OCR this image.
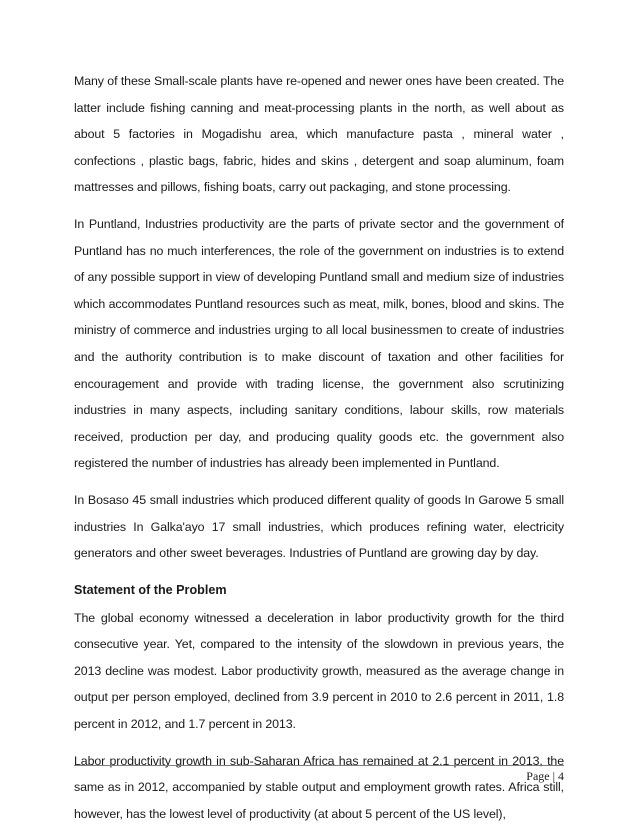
Many of these Small-scale plants have re-opened and newer ones have been created. The latter include fishing canning and meat-processing plants in the north, as well about as about 5 factories in Mogadishu area, which manufacture pasta , mineral water , confections , plastic bags, fabric, hides and skins , detergent and soap aluminum, foam mattresses and pillows, fishing boats, carry out packaging, and stone processing.

In Puntland, Industries productivity are the parts of private sector and the government of Puntland has no much interferences, the role of the government on industries is to extend of any possible support in view of developing Puntland small and medium size of industries which accommodates Puntland resources such as meat, milk, bones, blood and skins. The ministry of commerce and industries urging to all local businessmen to create of industries and the authority contribution is to make discount of taxation and other facilities for encouragement and provide with trading license, the government also scrutinizing industries in many aspects, including sanitary conditions, labour skills, row materials received, production per day, and producing quality goods etc. the government also registered the number of industries has already been implemented in Puntland.

In Bosaso 45 small industries which produced different quality of goods In Garowe 5 small industries In Galka'ayo 17 small industries, which produces refining water, electricity generators and other sweet beverages. Industries of Puntland are growing day by day.

Statement of the Problem

The global economy witnessed a deceleration in labor productivity growth for the third consecutive year. Yet, compared to the intensity of the slowdown in previous years, the 2013 decline was modest. Labor productivity growth, measured as the average change in output per person employed, declined from 3.9 percent in 2010 to 2.6 percent in 2011, 1.8 percent in 2012, and 1.7 percent in 2013.

Labor productivity growth in sub-Saharan Africa has remained at 2.1 percent in 2013, the same as in 2012, accompanied by stable output and employment growth rates. Africa still, however, has the lowest level of productivity (at about 5 percent of the US level),

Page | 4
